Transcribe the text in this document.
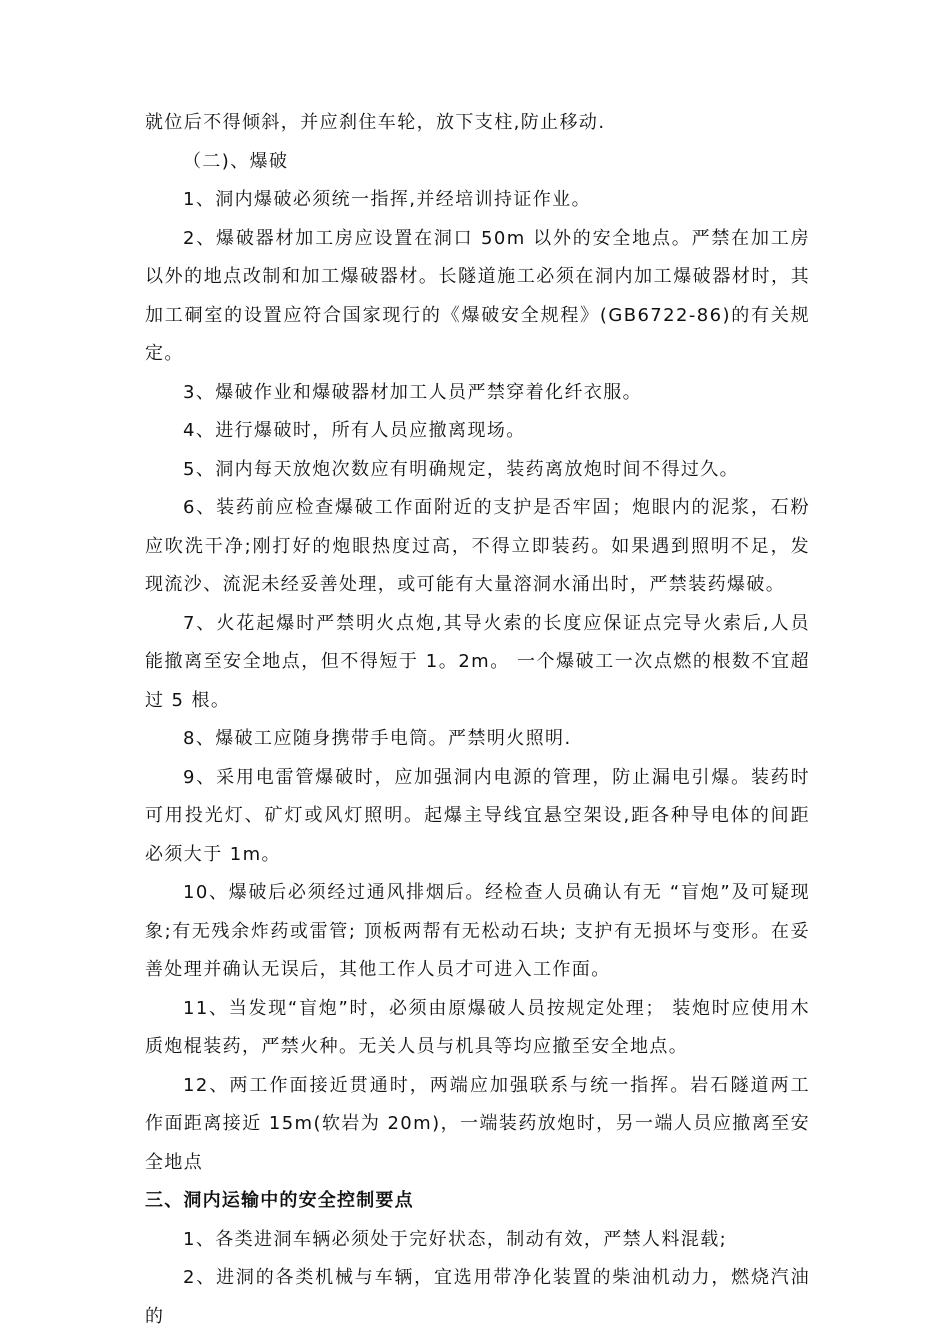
就位后不得倾斜，并应刹住车轮，放下支柱,防止移动.

（二)、爆破

1、洞内爆破必须统一指挥,并经培训持证作业。

2、爆破器材加工房应设置在洞口 50m 以外的安全地点。严禁在加工房以外的地点改制和加工爆破器材。长隧道施工必须在洞内加工爆破器材时，其加工硐室的设置应符合国家现行的《爆破安全规程》(GB6722-86)的有关规定。

3、爆破作业和爆破器材加工人员严禁穿着化纤衣服。

4、进行爆破时，所有人员应撤离现场。

5、洞内每天放炮次数应有明确规定，装药离放炮时间不得过久。

6、装药前应检查爆破工作面附近的支护是否牢固；炮眼内的泥浆，石粉应吹洗干净;刚打好的炮眼热度过高，不得立即装药。如果遇到照明不足，发现流沙、流泥未经妥善处理，或可能有大量溶洞水涌出时，严禁装药爆破。

7、火花起爆时严禁明火点炮,其导火索的长度应保证点完导火索后,人员能撤离至安全地点，但不得短于 1。2m。 一个爆破工一次点燃的根数不宜超过 5 根。

8、爆破工应随身携带手电筒。严禁明火照明.

9、采用电雷管爆破时，应加强洞内电源的管理，防止漏电引爆。装药时可用投光灯、矿灯或风灯照明。起爆主导线宜悬空架设,距各种导电体的间距必须大于 1m。

10、爆破后必须经过通风排烟后。经检查人员确认有无 “盲炮”及可疑现象;有无残余炸药或雷管; 顶板两帮有无松动石块; 支护有无损坏与变形。在妥善处理并确认无误后，其他工作人员才可进入工作面。

11、当发现“盲炮”时，必须由原爆破人员按规定处理； 装炮时应使用木质炮棍装药，严禁火种。无关人员与机具等均应撤至安全地点。

12、两工作面接近贯通时，两端应加强联系与统一指挥。岩石隧道两工作面距离接近 15m(软岩为 20m)，一端装药放炮时，另一端人员应撤离至安全地点

三、洞内运输中的安全控制要点

1、各类进洞车辆必须处于完好状态，制动有效，严禁人料混载;

2、进洞的各类机械与车辆，宜选用带净化装置的柴油机动力，燃烧汽油的
